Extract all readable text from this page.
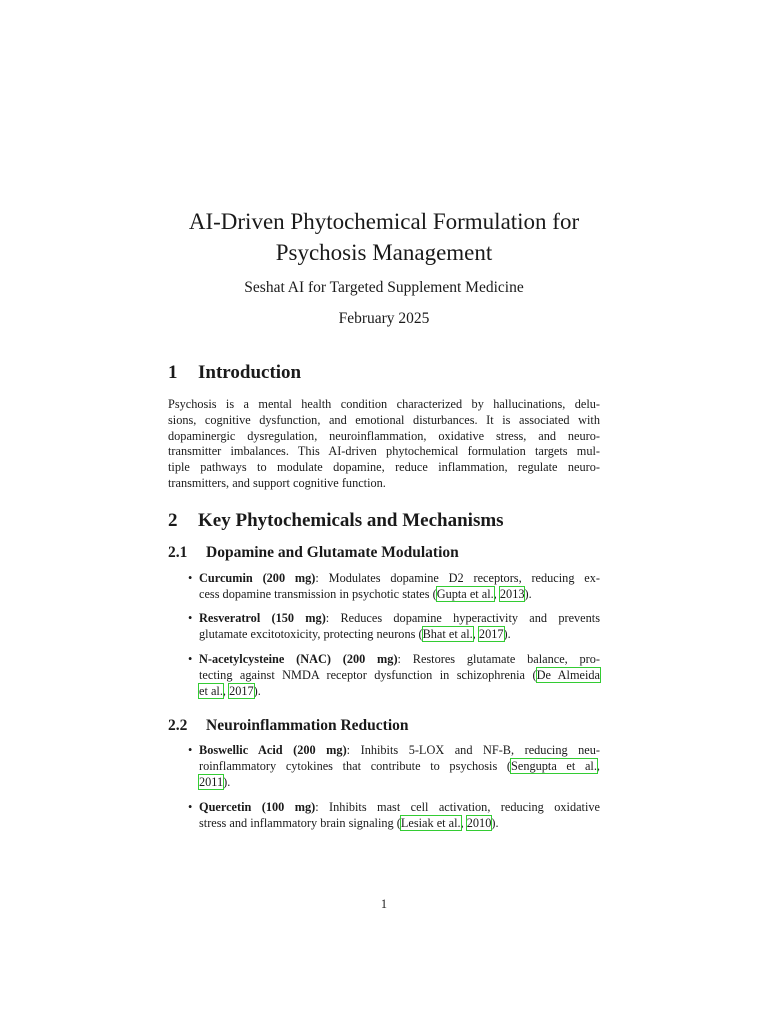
AI-Driven Phytochemical Formulation for
Psychosis Management
Seshat AI for Targeted Supplement Medicine
February 2025
1 Introduction
Psychosis is a mental health condition characterized by hallucinations, delu-
sions, cognitive dysfunction, and emotional disturbances. It is associated with
dopaminergic dysregulation, neuroinflammation, oxidative stress, and neuro-
transmitter imbalances. This AI-driven phytochemical formulation targets mul-
tiple pathways to modulate dopamine, reduce inflammation, regulate neuro-
transmitters, and support cognitive function.
2 Key Phytochemicals and Mechanisms
2.1 Dopamine and Glutamate Modulation
• Curcumin (200 mg): Modulates dopamine D2 receptors, reducing ex-
cess dopamine transmission in psychotic states (Gupta et al., 2013).
• Resveratrol (150 mg): Reduces dopamine hyperactivity and prevents
glutamate excitotoxicity, protecting neurons (Bhat et al., 2017).
• N-acetylcysteine (NAC) (200 mg): Restores glutamate balance, pro-
tecting against NMDA receptor dysfunction in schizophrenia (De Almeida
et al., 2017).
2.2 Neuroinflammation Reduction
• Boswellic Acid (200 mg): Inhibits 5-LOX and NF-B, reducing neu-
roinflammatory cytokines that contribute to psychosis (Sengupta et al.,
2011).
• Quercetin (100 mg): Inhibits mast cell activation, reducing oxidative
stress and inflammatory brain signaling (Lesiak et al., 2010).
1
